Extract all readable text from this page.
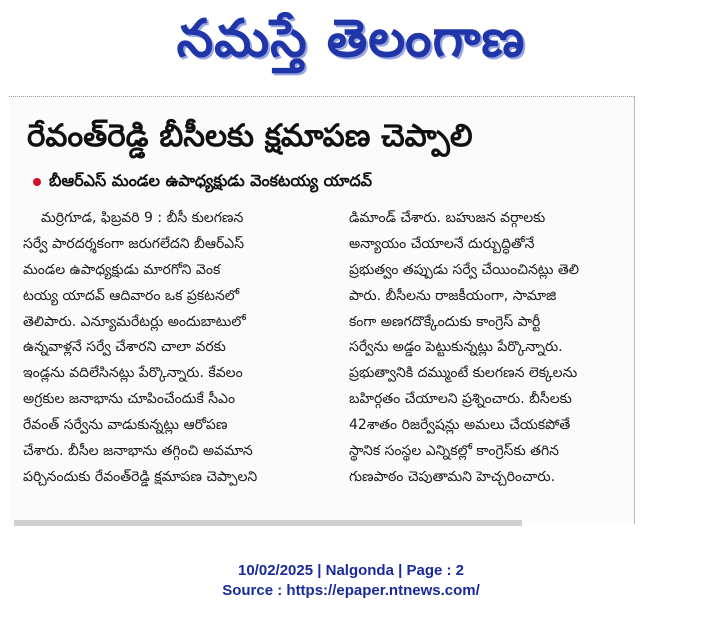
నమస్తే తెలంగాణ
రేవంత్‌రెడ్డి బీసీలకు క్షమాపణ చెప్పాలి
బీఆర్‌ఎస్ మండల ఉపాధ్యక్షుడు వెంకటయ్య యాదవ్
మర్రిగూడ, ఫిబ్రవరి 9 : బీసీ కులగణన
సర్వే పారదర్శకంగా జరుగలేదని బీఆర్‌ఎస్
మండల ఉపాధ్యక్షుడు మారగోని వెంక
టయ్య యాదవ్ ఆదివారం ఒక ప్రకటనలో
తెలిపారు. ఎన్యూమరేటర్లు అందుబాటులో
ఉన్నవాళ్లనే సర్వే చేశారని చాలా వరకు
ఇండ్లను వదిలేసినట్లు పేర్కొన్నారు. కేవలం
అగ్రకుల జనాభాను చూపించేందుకే సీఎం
రేవంత్ సర్వేను వాడుకున్నట్లు ఆరోపణ
చేశారు. బీసీల జనాభాను తగ్గించి అవమాన
పర్చినందుకు రేవంత్‌రెడ్డి క్షమాపణ చెప్పాలని
డిమాండ్ చేశారు. బహుజన వర్గాలకు
అన్యాయం చేయాలనే దుర్బుద్ధితోనే
ప్రభుత్వం తప్పుడు సర్వే చేయించినట్లు తెలి
పారు. బీసీలను రాజకీయంగా, సామాజి
కంగా అణగదొక్కేందుకు కాంగ్రెస్ పార్టీ
సర్వేను అడ్డం పెట్టుకున్నట్లు పేర్కొన్నారు.
ప్రభుత్వానికి దమ్ముంటే కులగణన లెక్కలను
బహిర్గతం చేయాలని ప్రశ్నించారు. బీసీలకు
42శాతం రిజర్వేషన్లు అమలు చేయకపోతే
స్థానిక సంస్థల ఎన్నికల్లో కాంగ్రెస్‌కు తగిన
గుణపాఠం చెపుతామని హెచ్చరించారు.
10/02/2025 | Nalgonda | Page : 2
Source : https://epaper.ntnews.com/
